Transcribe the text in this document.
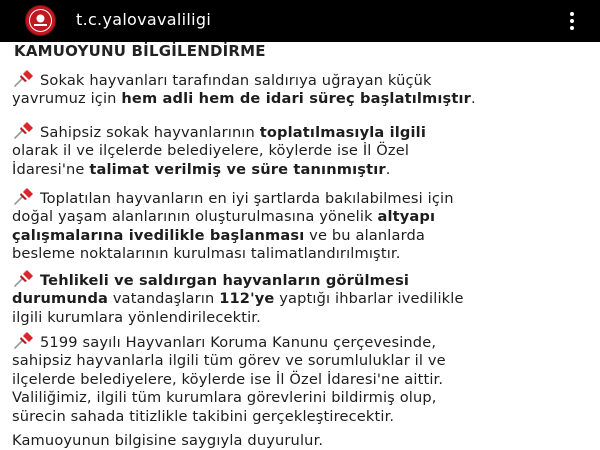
t.c.yalovavaliligi
KAMUOYUNU BİLGİLENDİRME
Sokak hayvanları tarafından saldırıya uğrayan küçük
yavrumuz için hem adli hem de idari süreç başlatılmıştır.
Sahipsiz sokak hayvanlarının toplatılmasıyla ilgili
olarak il ve ilçelerde belediyelere, köylerde ise İl Özel
İdaresi'ne talimat verilmiş ve süre tanınmıştır.
Toplatılan hayvanların en iyi şartlarda bakılabilmesi için
doğal yaşam alanlarının oluşturulmasına yönelik altyapı
çalışmalarına ivedilikle başlanması ve bu alanlarda
besleme noktalarının kurulması talimatlandırılmıştır.
Tehlikeli ve saldırgan hayvanların görülmesi
durumunda vatandaşların 112'ye yaptığı ihbarlar ivedilikle
ilgili kurumlara yönlendirilecektir.
5199 sayılı Hayvanları Koruma Kanunu çerçevesinde,
sahipsiz hayvanlarla ilgili tüm görev ve sorumluluklar il ve
ilçelerde belediyelere, köylerde ise İl Özel İdaresi'ne aittir.
Valiliğimiz, ilgili tüm kurumlara görevlerini bildirmiş olup,
sürecin sahada titizlikle takibini gerçekleştirecektir.
Kamuoyunun bilgisine saygıyla duyurulur.
